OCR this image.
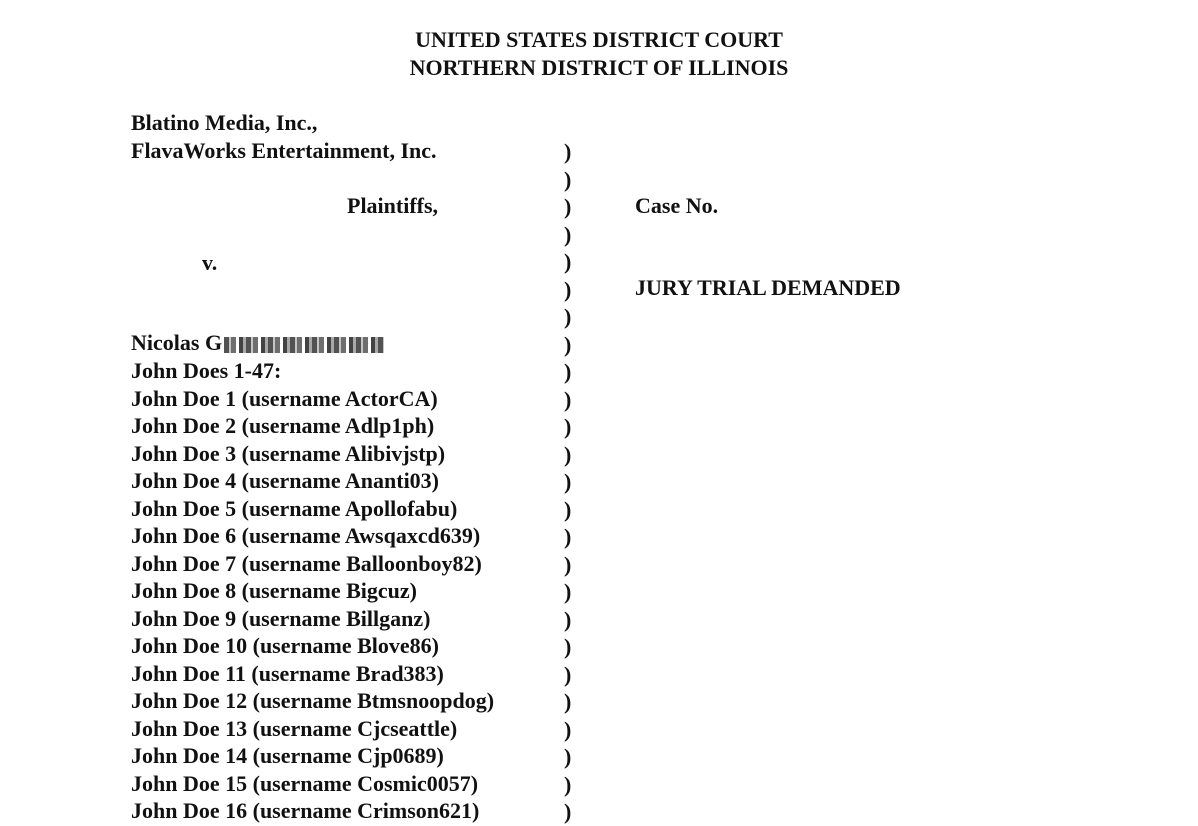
UNITED STATES DISTRICT COURT
NORTHERN DISTRICT OF ILLINOIS
Blatino Media, Inc.,
FlavaWorks Entertainment, Inc.
Plaintiffs,
v.
Nicolas G
John Does 1-47:
John Doe 1 (username ActorCA)
John Doe 2 (username Adlp1ph)
John Doe 3 (username Alibivjstp)
John Doe 4 (username Ananti03)
John Doe 5 (username Apollofabu)
John Doe 6 (username Awsqaxcd639)
John Doe 7 (username Balloonboy82)
John Doe 8 (username Bigcuz)
John Doe 9 (username Billganz)
John Doe 10 (username Blove86)
John Doe 11 (username Brad383)
John Doe 12 (username Btmsnoopdog)
John Doe 13 (username Cjcseattle)
John Doe 14 (username Cjp0689)
John Doe 15 (username Cosmic0057)
John Doe 16 (username Crimson621)
Case No.
JURY TRIAL DEMANDED
)
)
)
)
)
)
)
)
)
)
)
)
)
)
)
)
)
)
)
)
)
)
)
)
)
